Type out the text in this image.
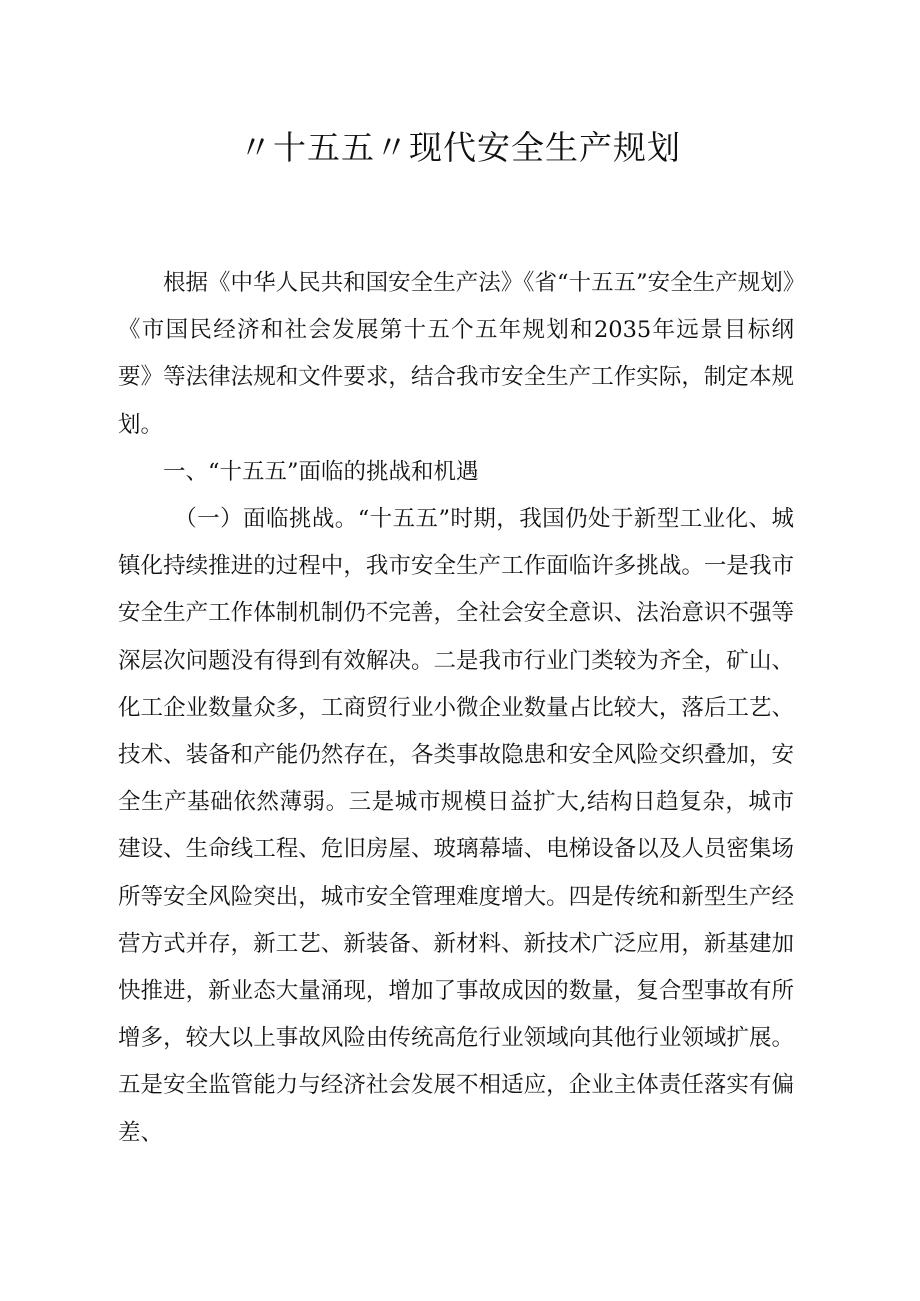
〃十五五〃现代安全生产规划

根据《中华人民共和国安全生产法》《省“十五五”安全生产规划》《市国民经济和社会发展第十五个五年规划和2035年远景目标纲要》等法律法规和文件要求，结合我市安全生产工作实际，制定本规划。

一、“十五五”面临的挑战和机遇

（一）面临挑战。“十五五”时期，我国仍处于新型工业化、城镇化持续推进的过程中，我市安全生产工作面临许多挑战。一是我市安全生产工作体制机制仍不完善，全社会安全意识、法治意识不强等深层次问题没有得到有效解决。二是我市行业门类较为齐全，矿山、化工企业数量众多，工商贸行业小微企业数量占比较大，落后工艺、技术、装备和产能仍然存在，各类事故隐患和安全风险交织叠加，安全生产基础依然薄弱。三是城市规模日益扩大,结构日趋复杂，城市建设、生命线工程、危旧房屋、玻璃幕墙、电梯设备以及人员密集场所等安全风险突出，城市安全管理难度增大。四是传统和新型生产经营方式并存，新工艺、新装备、新材料、新技术广泛应用，新基建加快推进，新业态大量涌现，增加了事故成因的数量，复合型事故有所增多，较大以上事故风险由传统高危行业领域向其他行业领域扩展。五是安全监管能力与经济社会发展不相适应，企业主体责任落实有偏差、
